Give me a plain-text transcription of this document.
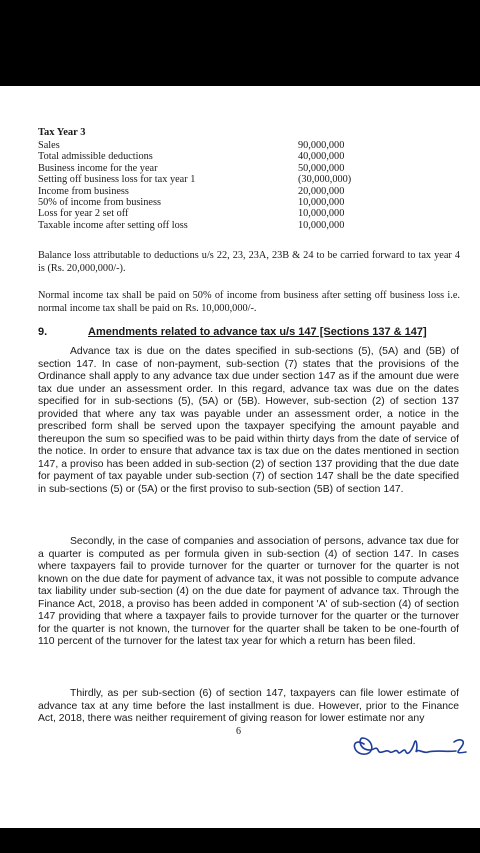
Tax Year 3
Sales	90,000,000
Total admissible deductions	40,000,000
Business income for the year	50,000,000
Setting off business loss for tax year 1	(30,000,000)
Income from business	20,000,000
50% of income from business	10,000,000
Loss for year 2 set off	10,000,000
Taxable income after setting off loss	10,000,000
Balance loss attributable to deductions u/s 22, 23, 23A, 23B & 24 to be carried forward to tax year 4 is (Rs. 20,000,000/-).
Normal income tax shall be paid on 50% of income from business after setting off business loss i.e. normal income tax shall be paid on Rs. 10,000,000/-.
9.	Amendments related to advance tax u/s 147 [Sections 137 & 147]
Advance tax is due on the dates specified in sub-sections (5), (5A) and (5B) of section 147. In case of non-payment, sub-section (7) states that the provisions of the Ordinance shall apply to any advance tax due under section 147 as if the amount due were tax due under an assessment order. In this regard, advance tax was due on the dates specified for in sub-sections (5), (5A) or (5B). However, sub-section (2) of section 137 provided that where any tax was payable under an assessment order, a notice in the prescribed form shall be served upon the taxpayer specifying the amount payable and thereupon the sum so specified was to be paid within thirty days from the date of service of the notice. In order to ensure that advance tax is tax due on the dates mentioned in section 147, a proviso has been added in sub-section (2) of section 137 providing that the due date for payment of tax payable under sub-section (7) of section 147 shall be the date specified in sub-sections (5) or (5A) or the first proviso to sub-section (5B) of section 147.
Secondly, in the case of companies and association of persons, advance tax due for a quarter is computed as per formula given in sub-section (4) of section 147. In cases where taxpayers fail to provide turnover for the quarter or turnover for the quarter is not known on the due date for payment of advance tax, it was not possible to compute advance tax liability under sub-section (4) on the due date for payment of advance tax. Through the Finance Act, 2018, a proviso has been added in component 'A' of sub-section (4) of section 147 providing that where a taxpayer fails to provide turnover for the quarter or the turnover for the quarter is not known, the turnover for the quarter shall be taken to be one-fourth of 110 percent of the turnover for the latest tax year for which a return has been filed.
Thirdly, as per sub-section (6) of section 147, taxpayers can file lower estimate of advance tax at any time before the last installment is due. However, prior to the Finance Act, 2018, there was neither requirement of giving reason for lower estimate nor any
6
